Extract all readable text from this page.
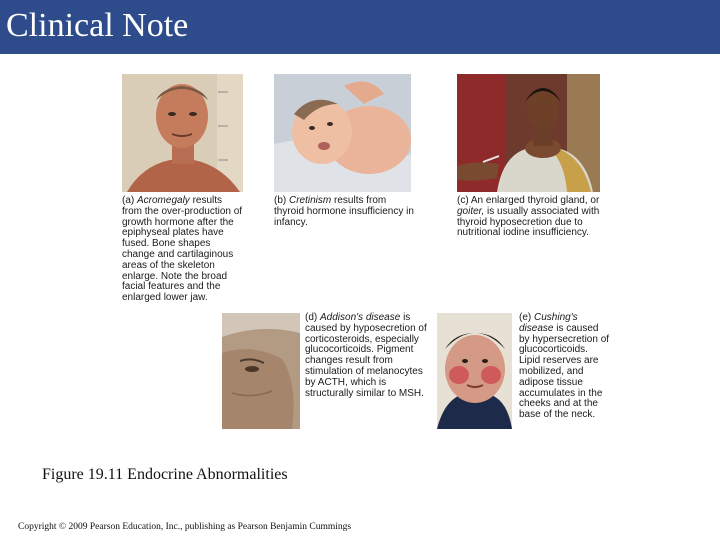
Clinical Note

(a) Acromegaly results from the over-production of growth hormone after the epiphyseal plates have fused. Bone shapes change and cartilaginous areas of the skeleton enlarge. Note the broad facial features and the enlarged lower jaw.

(b) Cretinism results from thyroid hormone insufficiency in infancy.

(c) An enlarged thyroid gland, or goiter, is usually associated with thyroid hyposecretion due to nutritional iodine insufficiency.

(d) Addison's disease is caused by hyposecretion of corticosteroids, especially glucocorticoids. Pigment changes result from stimulation of melanocytes by ACTH, which is structurally similar to MSH.

(e) Cushing's disease is caused by hypersecretion of glucocorticoids. Lipid reserves are mobilized, and adipose tissue accumulates in the cheeks and at the base of the neck.

Figure 19.11 Endocrine Abnormalities
Copyright © 2009 Pearson Education, Inc., publishing as Pearson Benjamin Cummings
